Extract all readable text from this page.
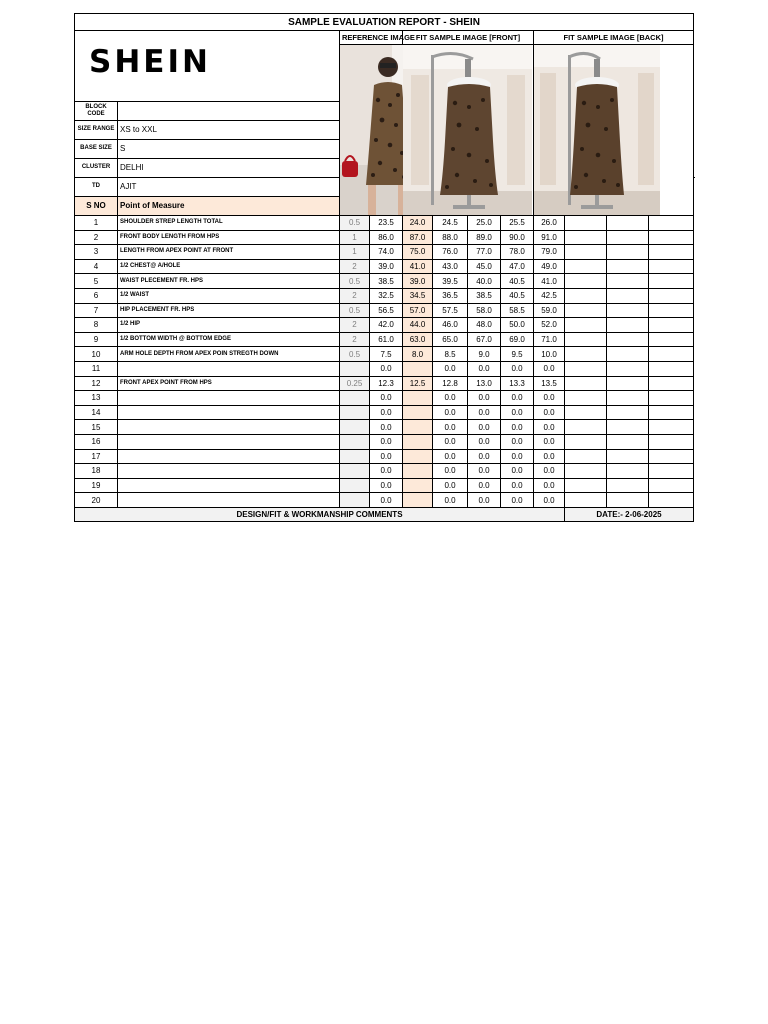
SAMPLE EVALUATION REPORT - SHEIN												
SHEIN		REFERENCE IMAGE		FIT SAMPLE IMAGE [FRONT]				FIT SAMPLE IMAGE [BACK]				

BLOCK CODE												
SIZE RANGE	XS to XXL											
BASE SIZE	S											
CLUSTER	DELHI											
TD	AJIT			
S NO	Point of Measure										
1	SHOULDER STREP LENGTH TOTAL	0.5	23.5	24.0	24.5	25.0	25.5	26.0				
2	FRONT BODY LENGTH FROM HPS	1	86.0	87.0	88.0	89.0	90.0	91.0				
3	LENGTH FROM APEX POINT AT FRONT	1	74.0	75.0	76.0	77.0	78.0	79.0				
4	1/2 CHEST@ A/HOLE	2	39.0	41.0	43.0	45.0	47.0	49.0				
5	WAIST PLECEMENT FR. HPS	0.5	38.5	39.0	39.5	40.0	40.5	41.0				
6	1/2 WAIST	2	32.5	34.5	36.5	38.5	40.5	42.5				
7	HIP PLACEMENT FR. HPS	0.5	56.5	57.0	57.5	58.0	58.5	59.0				
8	1/2 HIP	2	42.0	44.0	46.0	48.0	50.0	52.0				
9	1/2 BOTTOM WIDTH @ BOTTOM EDGE	2	61.0	63.0	65.0	67.0	69.0	71.0				
10	ARM HOLE DEPTH FROM APEX POIN STREGTH DOWN	0.5	7.5	8.0	8.5	9.0	9.5	10.0				
11			0.0		0.0	0.0	0.0	0.0				
12	FRONT APEX POINT FROM HPS	0.25	12.3	12.5	12.8	13.0	13.3	13.5				
13			0.0		0.0	0.0	0.0	0.0				
14			0.0		0.0	0.0	0.0	0.0				
15			0.0		0.0	0.0	0.0	0.0				
16			0.0		0.0	0.0	0.0	0.0				
17			0.0		0.0	0.0	0.0	0.0				
18			0.0		0.0	0.0	0.0	0.0				
19			0.0		0.0	0.0	0.0	0.0				
20			0.0		0.0	0.0	0.0	0.0				
DESIGN/FIT & WORKMANSHIP COMMENTS									DATE:- 2-06-2025			
